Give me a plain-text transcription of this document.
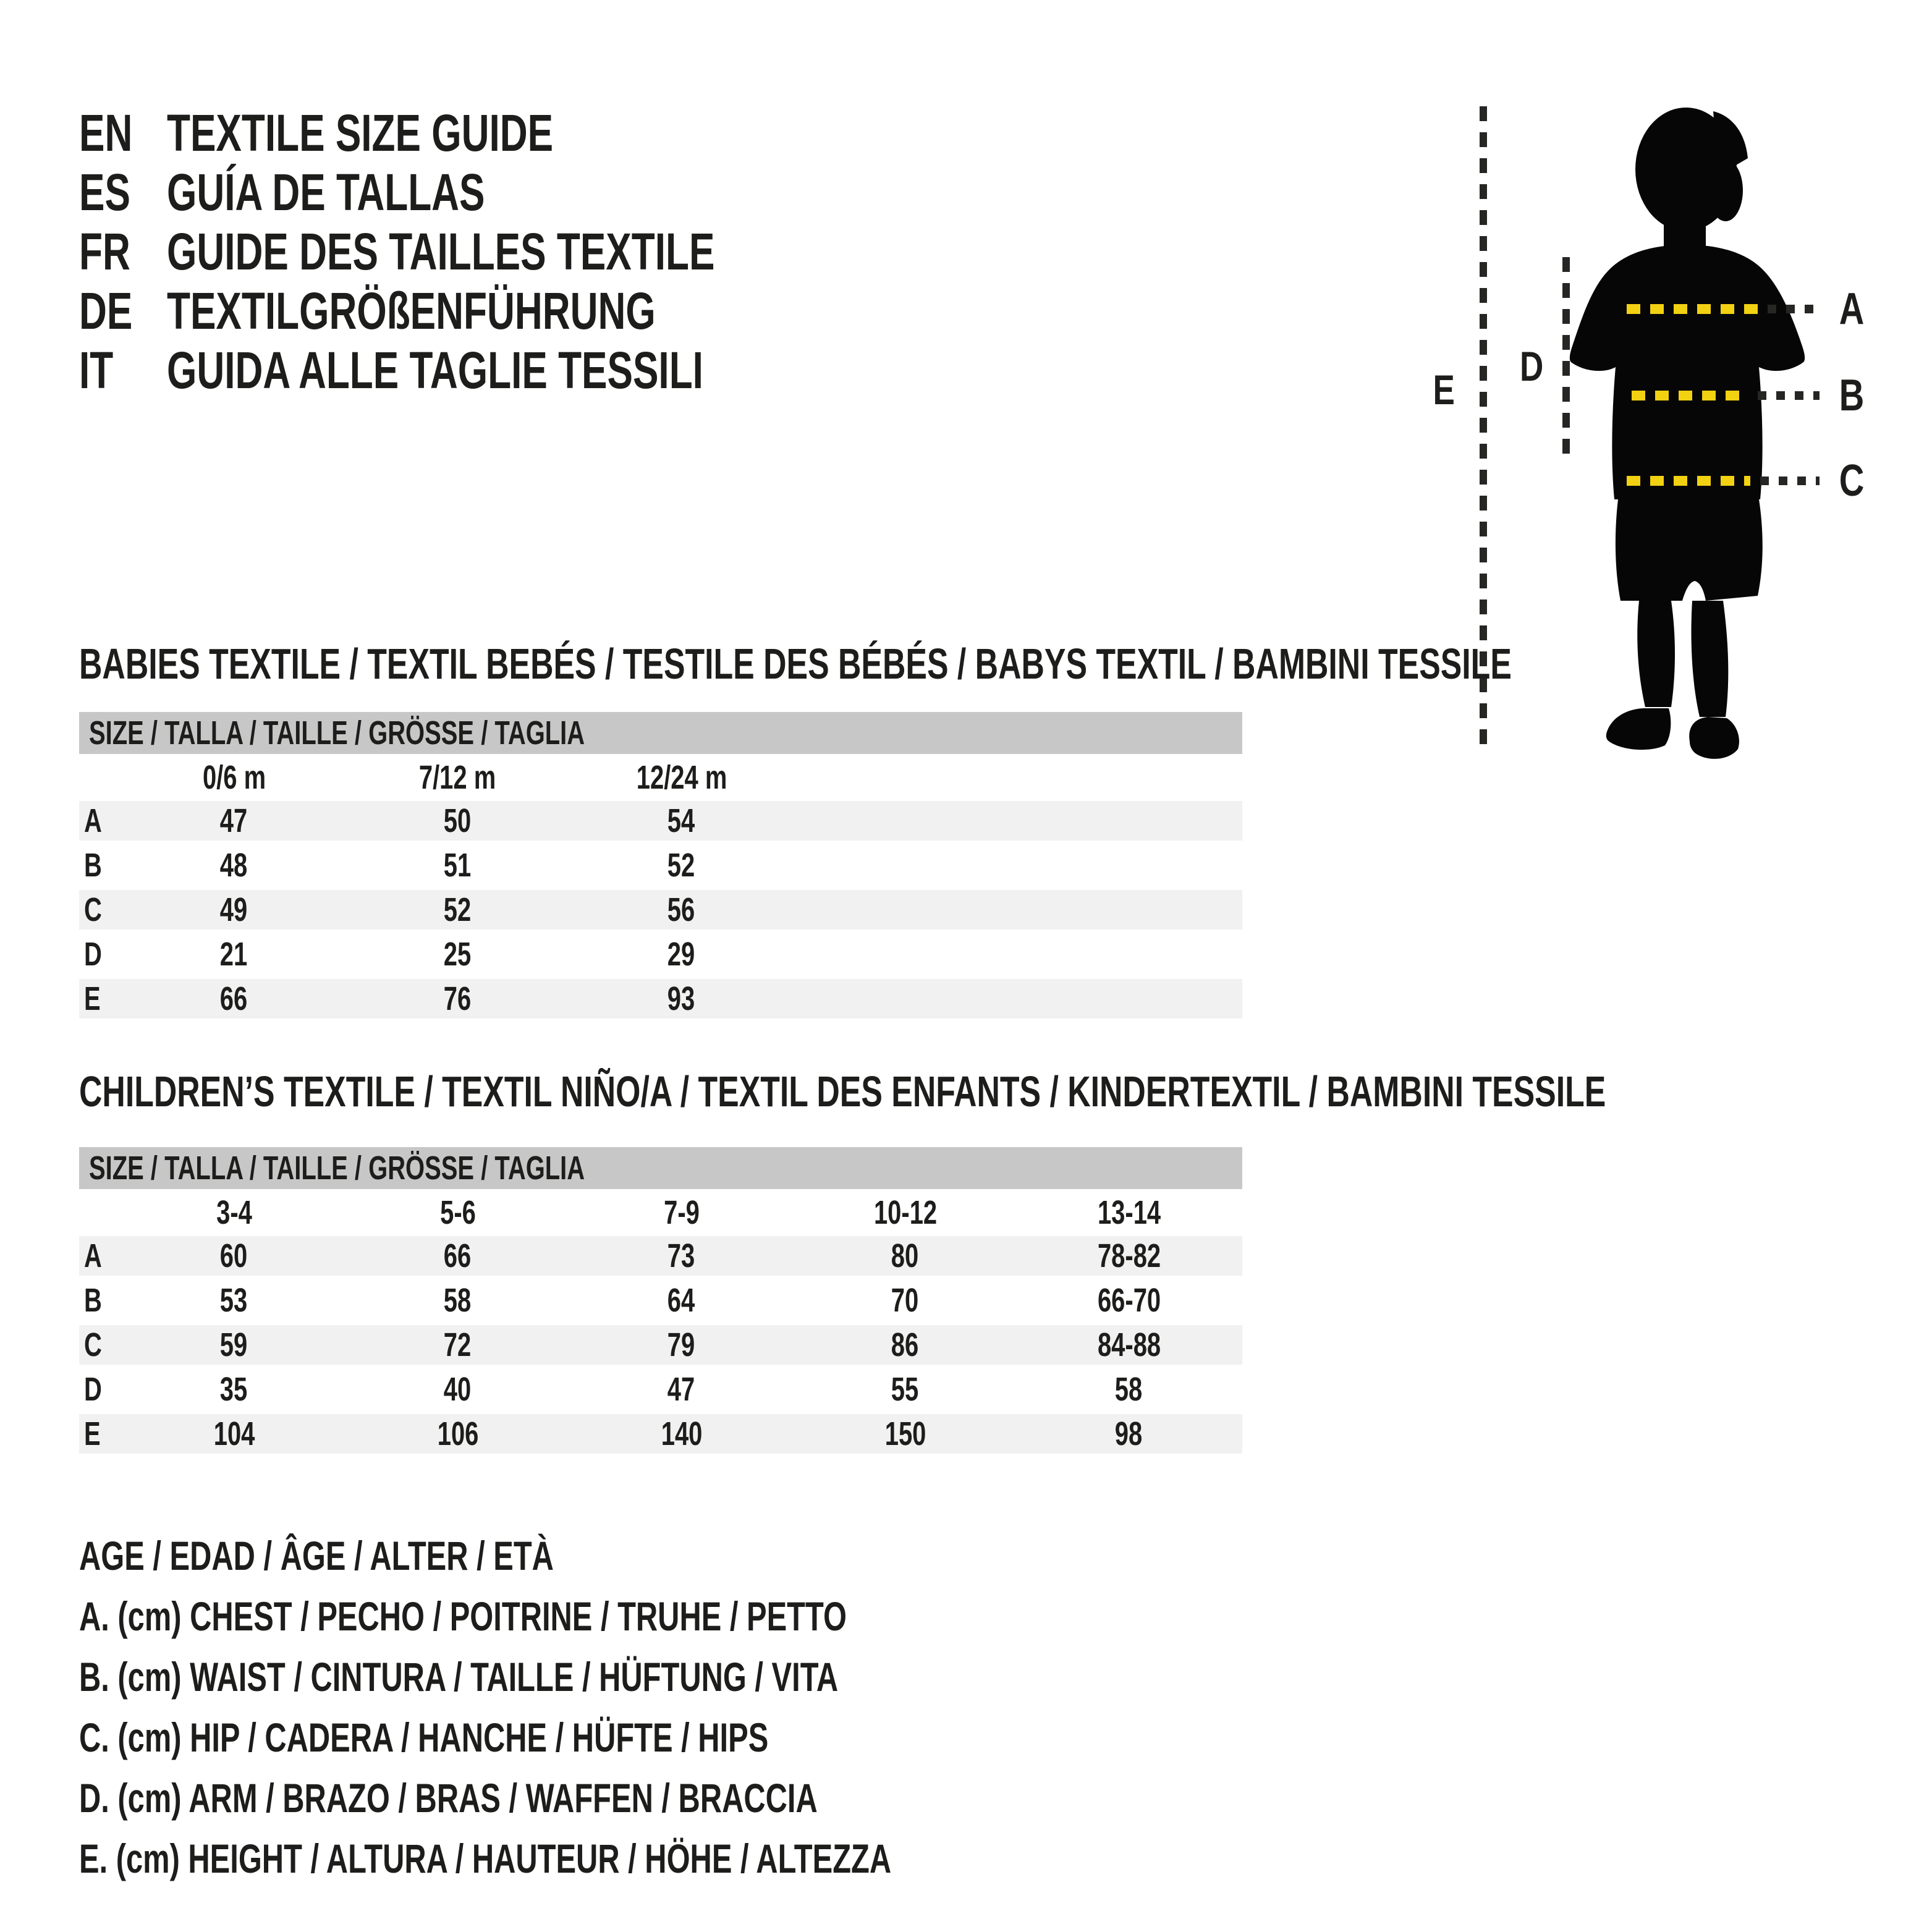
EN	TEXTILE SIZE GUIDE
ES	GUÍA DE TALLAS
FR	GUIDE DES TAILLES TEXTILE
DE	TEXTILGRÖßENFÜHRUNG
IT	GUIDA ALLE TAGLIE TESSILI	E
D
A
B
C
BABIES TEXTILE / TEXTIL BEBÉS / TESTILE DES BÉBÉS / BABYS TEXTIL / BAMBINI TESSILE
SIZE / TALLA / TAILLE / GRÖSSE / TAGLIA
0/6 m	7/12 m	12/24 m
A	47	50	54
B	48	51	52
C	49	52	56
D	21	25	29
E	66	76	93
CHILDREN’S TEXTILE / TEXTIL NIÑO/A / TEXTIL DES ENFANTS / KINDERTEXTIL / BAMBINI TESSILE
SIZE / TALLA / TAILLE / GRÖSSE / TAGLIA
3-4	5-6	7-9	10-12	13-14
A	60	66	73	80	78-82
B	53	58	64	70	66-70
C	59	72	79	86	84-88
D	35	40	47	55	58
E	104	106	140	150	98
AGE / EDAD / ÂGE / ALTER / ETÀ
A. (cm) CHEST / PECHO / POITRINE / TRUHE / PETTO
B. (cm) WAIST / CINTURA / TAILLE / HÜFTUNG / VITA
C. (cm) HIP / CADERA / HANCHE / HÜFTE / HIPS
D. (cm) ARM / BRAZO / BRAS / WAFFEN / BRACCIA
E. (cm) HEIGHT / ALTURA / HAUTEUR / HÖHE / ALTEZZA
